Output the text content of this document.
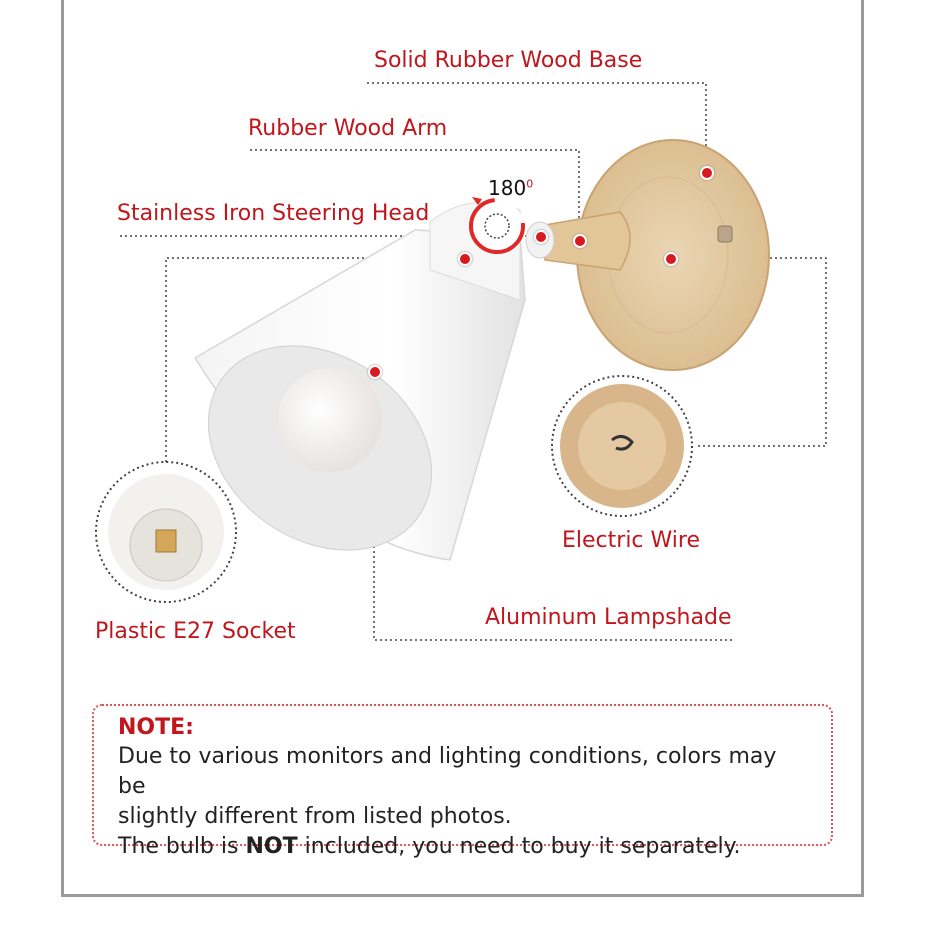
$180^0$
Solid Rubber Wood Base
Rubber Wood Arm
Stainless Iron Steering Head
Electric Wire
Plastic E27 Socket
Aluminum Lampshade
NOTE:
Due to various monitors and lighting conditions, colors may be
slightly different from listed photos.
The bulb is NOT included, you need to buy it separately.
